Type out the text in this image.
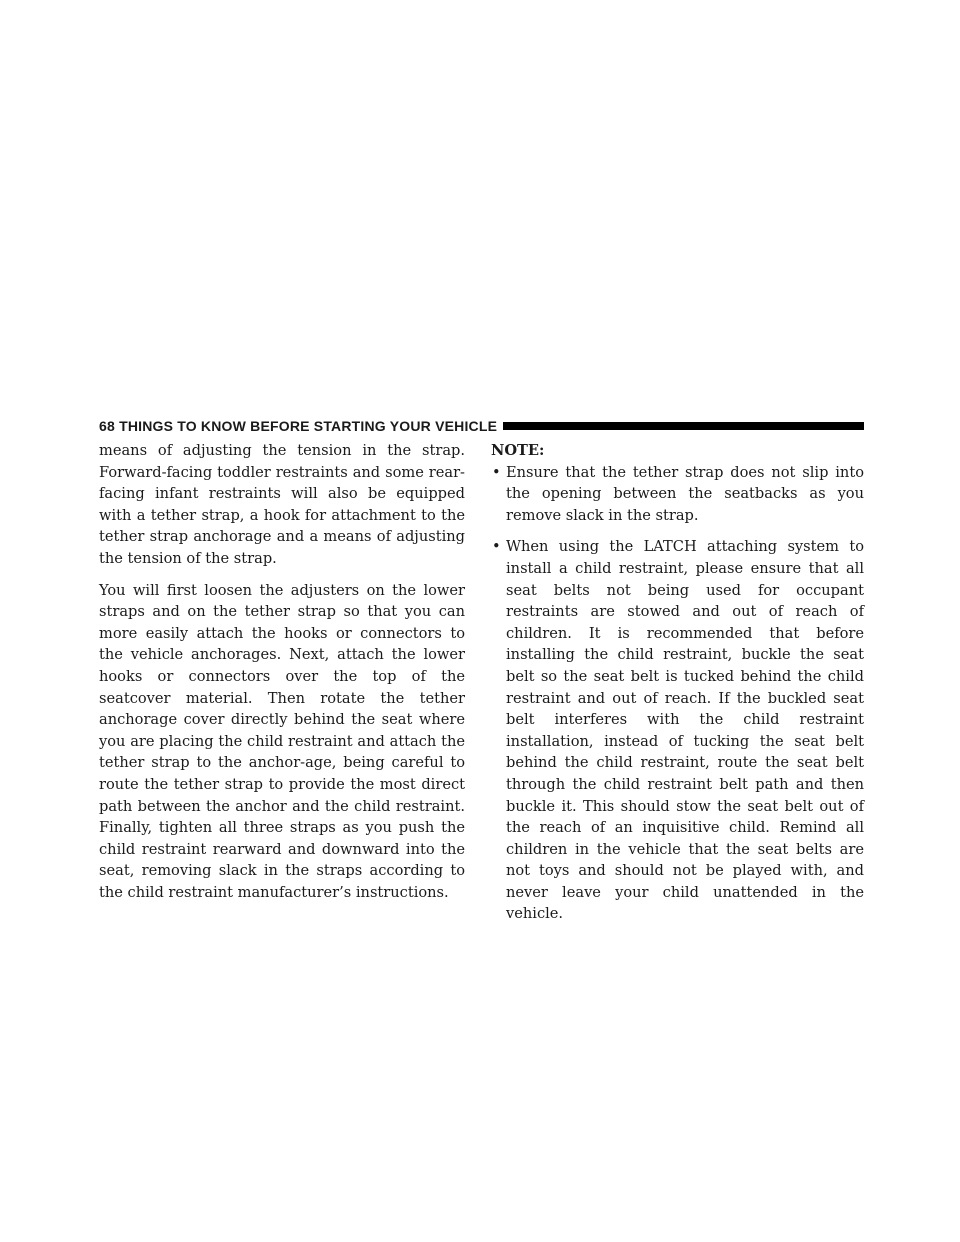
68 THINGS TO KNOW BEFORE STARTING YOUR VEHICLE

means of adjusting the tension in the strap. Forward-facing toddler restraints and some rear-facing infant restraints will also be equipped with a tether strap, a hook for attachment to the tether strap anchorage and a means of adjusting the tension of the strap.

You will first loosen the adjusters on the lower straps and on the tether strap so that you can more easily attach the hooks or connectors to the vehicle anchorages. Next, attach the lower hooks or connectors over the top of the seatcover material. Then rotate the tether anchorage cover directly behind the seat where you are placing the child restraint and attach the tether strap to the anchor-age, being careful to route the tether strap to provide the most direct path between the anchor and the child restraint. Finally, tighten all three straps as you push the child restraint rearward and downward into the seat, removing slack in the straps according to the child restraint manufacturer’s instructions.

NOTE:

• Ensure that the tether strap does not slip into the opening between the seatbacks as you remove slack in the strap.
• When using the LATCH attaching system to install a child restraint, please ensure that all seat belts not being used for occupant restraints are stowed and out of reach of children. It is recommended that before installing the child restraint, buckle the seat belt so the seat belt is tucked behind the child restraint and out of reach. If the buckled seat belt interferes with the child restraint installation, instead of tucking the seat belt behind the child restraint, route the seat belt through the child restraint belt path and then buckle it. This should stow the seat belt out of the reach of an inquisitive child. Remind all children in the vehicle that the seat belts are not toys and should not be played with, and never leave your child unattended in the vehicle.
